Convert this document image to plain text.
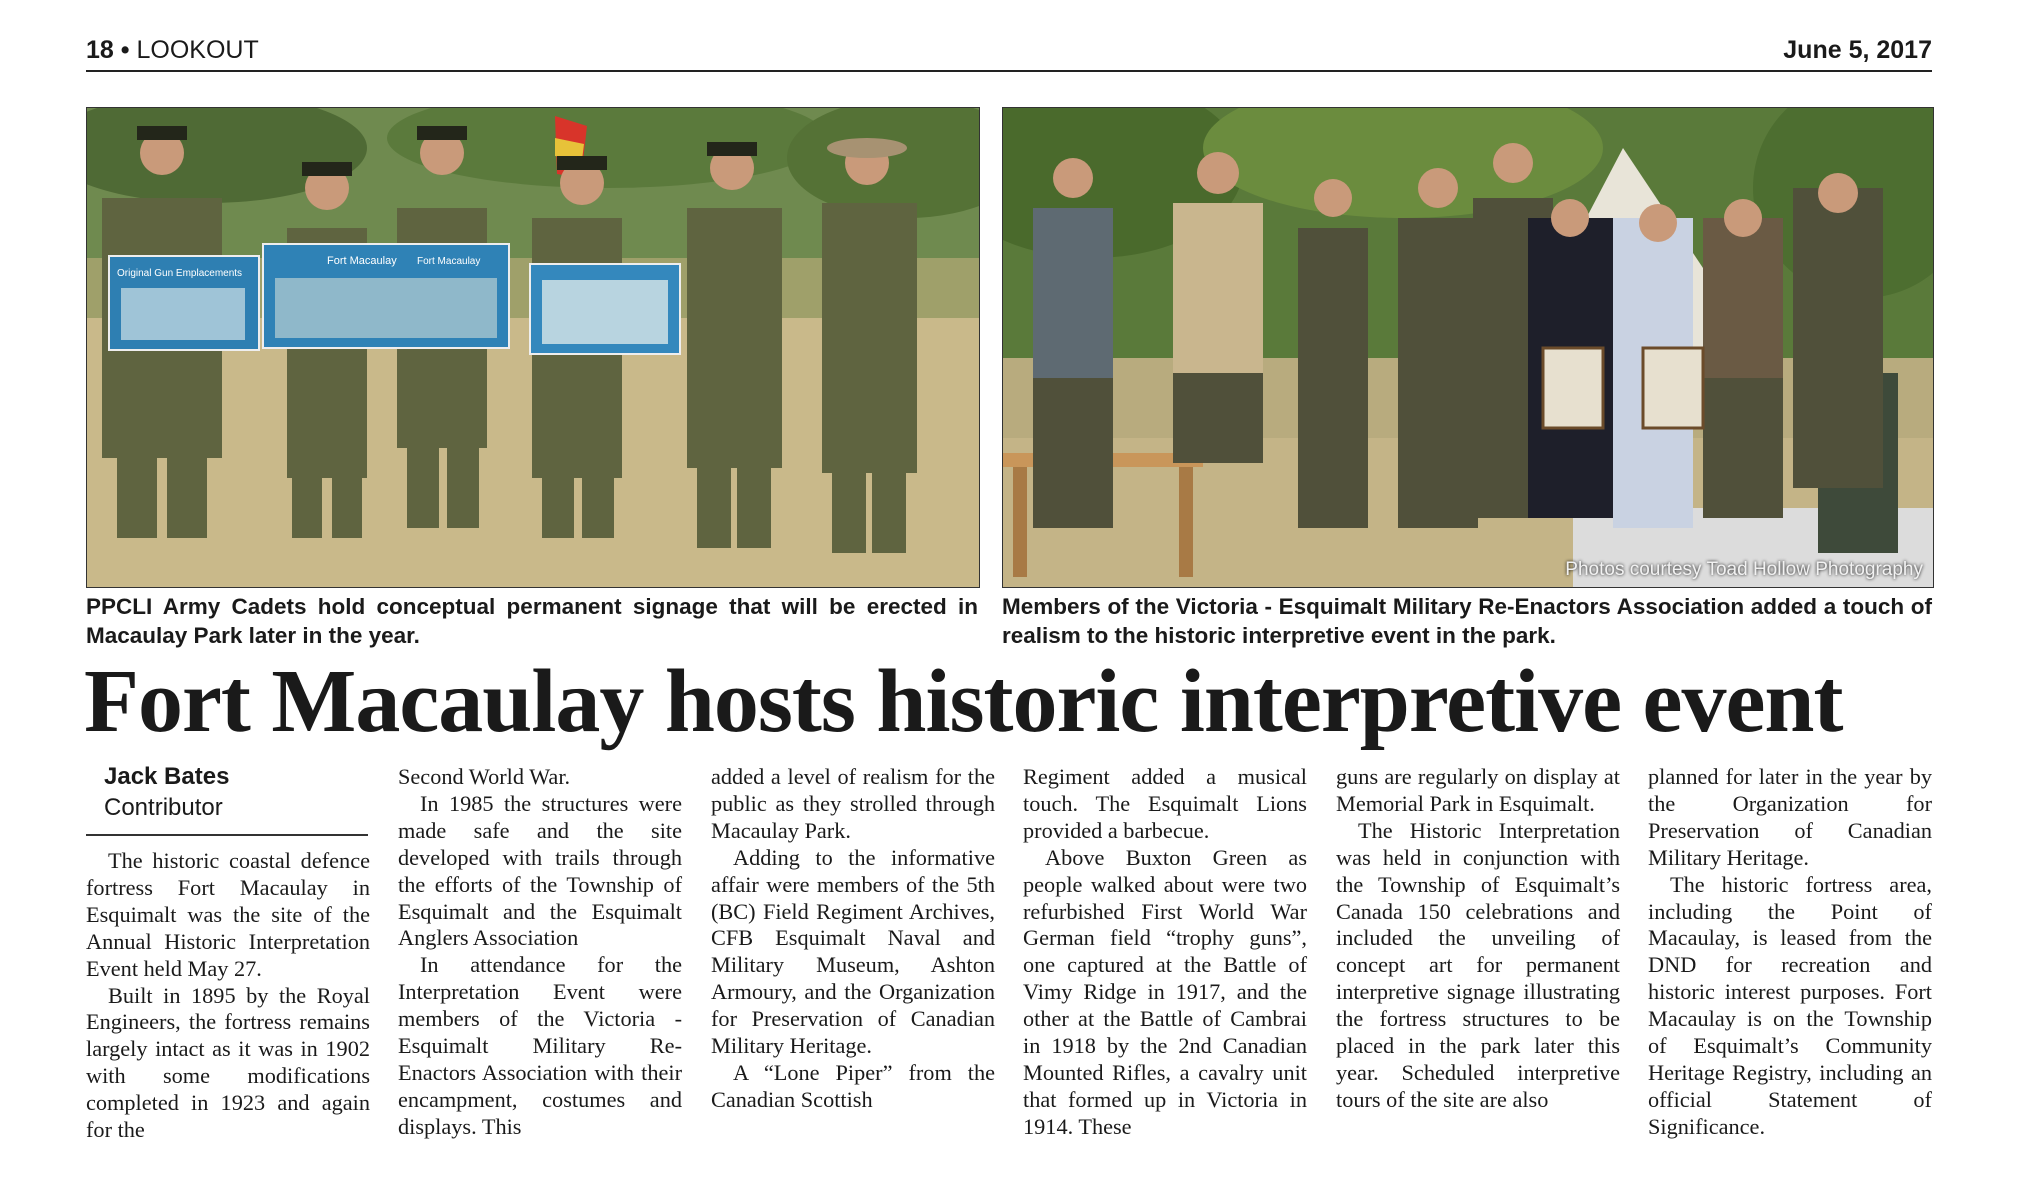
18 • LOOKOUT	June 5, 2017
Original Gun Emplacements
Fort Macaulay Fort Macaulay
Photos courtesy Toad Hollow Photography
PPCLI Army Cadets hold conceptual permanent signage that will be erected in Macaulay Park later in the year.
Members of the Victoria - Esquimalt Military Re-Enactors Association added a touch of realism to the historic interpretive event in the park.
Fort Macaulay hosts historic interpretive event
Jack Bates
Contributor

The historic coastal defence fortress Fort Macaulay in Esquimalt was the site of the Annual Historic Interpretation Event held May 27.

Built in 1895 by the Royal Engineers, the fortress remains largely intact as it was in 1902 with some modifications completed in 1923 and again for the

Second World War.

In 1985 the structures were made safe and the site developed with trails through the efforts of the Township of Esquimalt and the Esquimalt Anglers Association

In attendance for the Interpretation Event were members of the Victoria - Esquimalt Military Re-Enactors Association with their encampment, costumes and displays. This

added a level of realism for the public as they strolled through Macaulay Park.

Adding to the informative affair were members of the 5th (BC) Field Regiment Archives, CFB Esquimalt Naval and Military Museum, Ashton Armoury, and the Organization for Preservation of Canadian Military Heritage.

A “Lone Piper” from the Canadian Scottish

Regiment added a musical touch. The Esquimalt Lions provided a barbecue.

Above Buxton Green as people walked about were two refurbished First World War German field “trophy guns”, one captured at the Battle of Vimy Ridge in 1917, and the other at the Battle of Cambrai in 1918 by the 2nd Canadian Mounted Rifles, a cavalry unit that formed up in Victoria in 1914. These

guns are regularly on display at Memorial Park in Esquimalt.

The Historic Interpretation was held in conjunction with the Township of Esquimalt’s Canada 150 celebrations and included the unveiling of concept art for permanent interpretive signage illustrating the fortress structures to be placed in the park later this year. Scheduled interpretive tours of the site are also

planned for later in the year by the Organization for Preservation of Canadian Military Heritage.

The historic fortress area, including the Point of Macaulay, is leased from the DND for recreation and historic interest purposes. Fort Macaulay is on the Township of Esquimalt’s Community Heritage Registry, including an official Statement of Significance.
